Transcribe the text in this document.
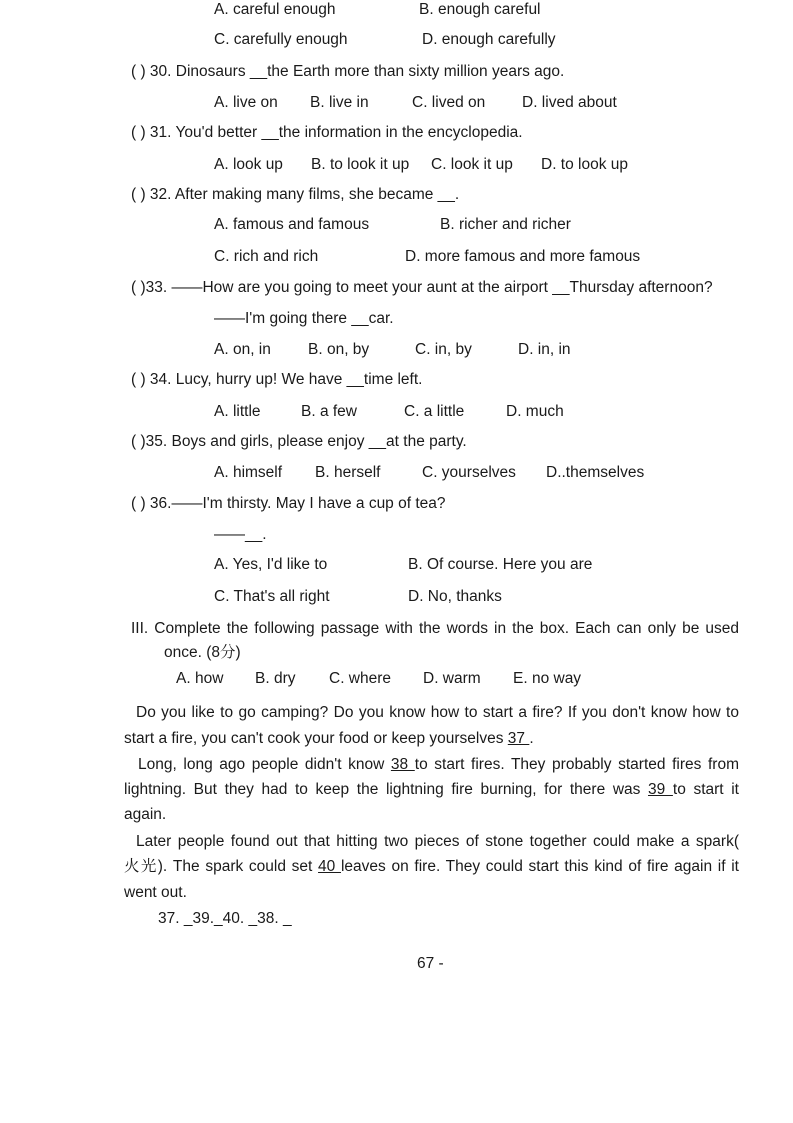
A. careful enough	B. enough careful
C. carefully enough	D. enough carefully
( ) 30. Dinosaurs __the Earth more than sixty million years ago.
A. live on B. live in	C. lived on D. lived about
( ) 31. You'd better __the information in the encyclopedia.
A. look up B. to look it up C. look it up D. to look up
( ) 32. After making many films, she became __.
A. famous and famous	B. richer and richer
C. rich and rich	D. more famous and more famous
( )33. ——How are you going to meet your aunt at the airport __Thursday afternoon?
——I'm going there __car.
A. on, in B. on, by	C. in, by	D. in, in
( ) 34. Lucy, hurry up! We have __time left.
A. little	B. a few	C. a little	D. much
( )35. Boys and girls, please enjoy __at the party.
A. himself B. herself	C. yourselves D..themselves
( ) 36.——I'm thirsty. May I have a cup of tea?
——__.
A. Yes, I'd like to	B. Of course. Here you are
C. That's all right	D. No, thanks
III. Complete the following passage with the words in the box. Each can only be used
once. (8分)
A. how B. dry C. where D. warm E. no way
Do you like to go camping? Do you know how to start a fire? If you don't know how to
start a fire, you can't cook your food or keep yourselves 37 .
Long, long ago people didn't know 38 to start fires. They probably started fires from
lightning. But they had to keep the lightning fire burning, for there was 39 to start it
again.
Later people found out that hitting two pieces of stone together could make a spark(
火光). The spark could set 40 leaves on fire. They could start this kind of fire again if it
went out.
37. _39._40. _38. _
67 -
